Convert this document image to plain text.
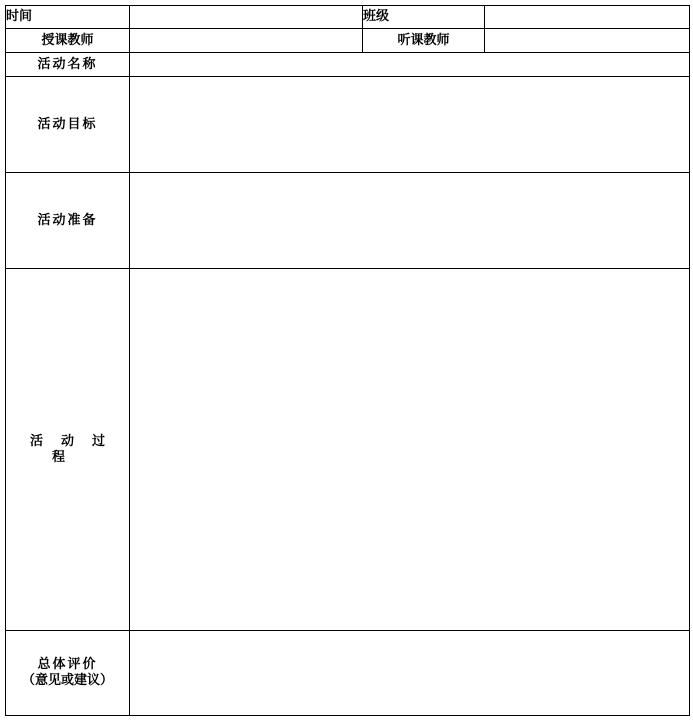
时间		班级	
授课教师		听课教师	
活动名称			
活动目标			
活动准备			
活动过程			

总体评价
（意见或建议）			
